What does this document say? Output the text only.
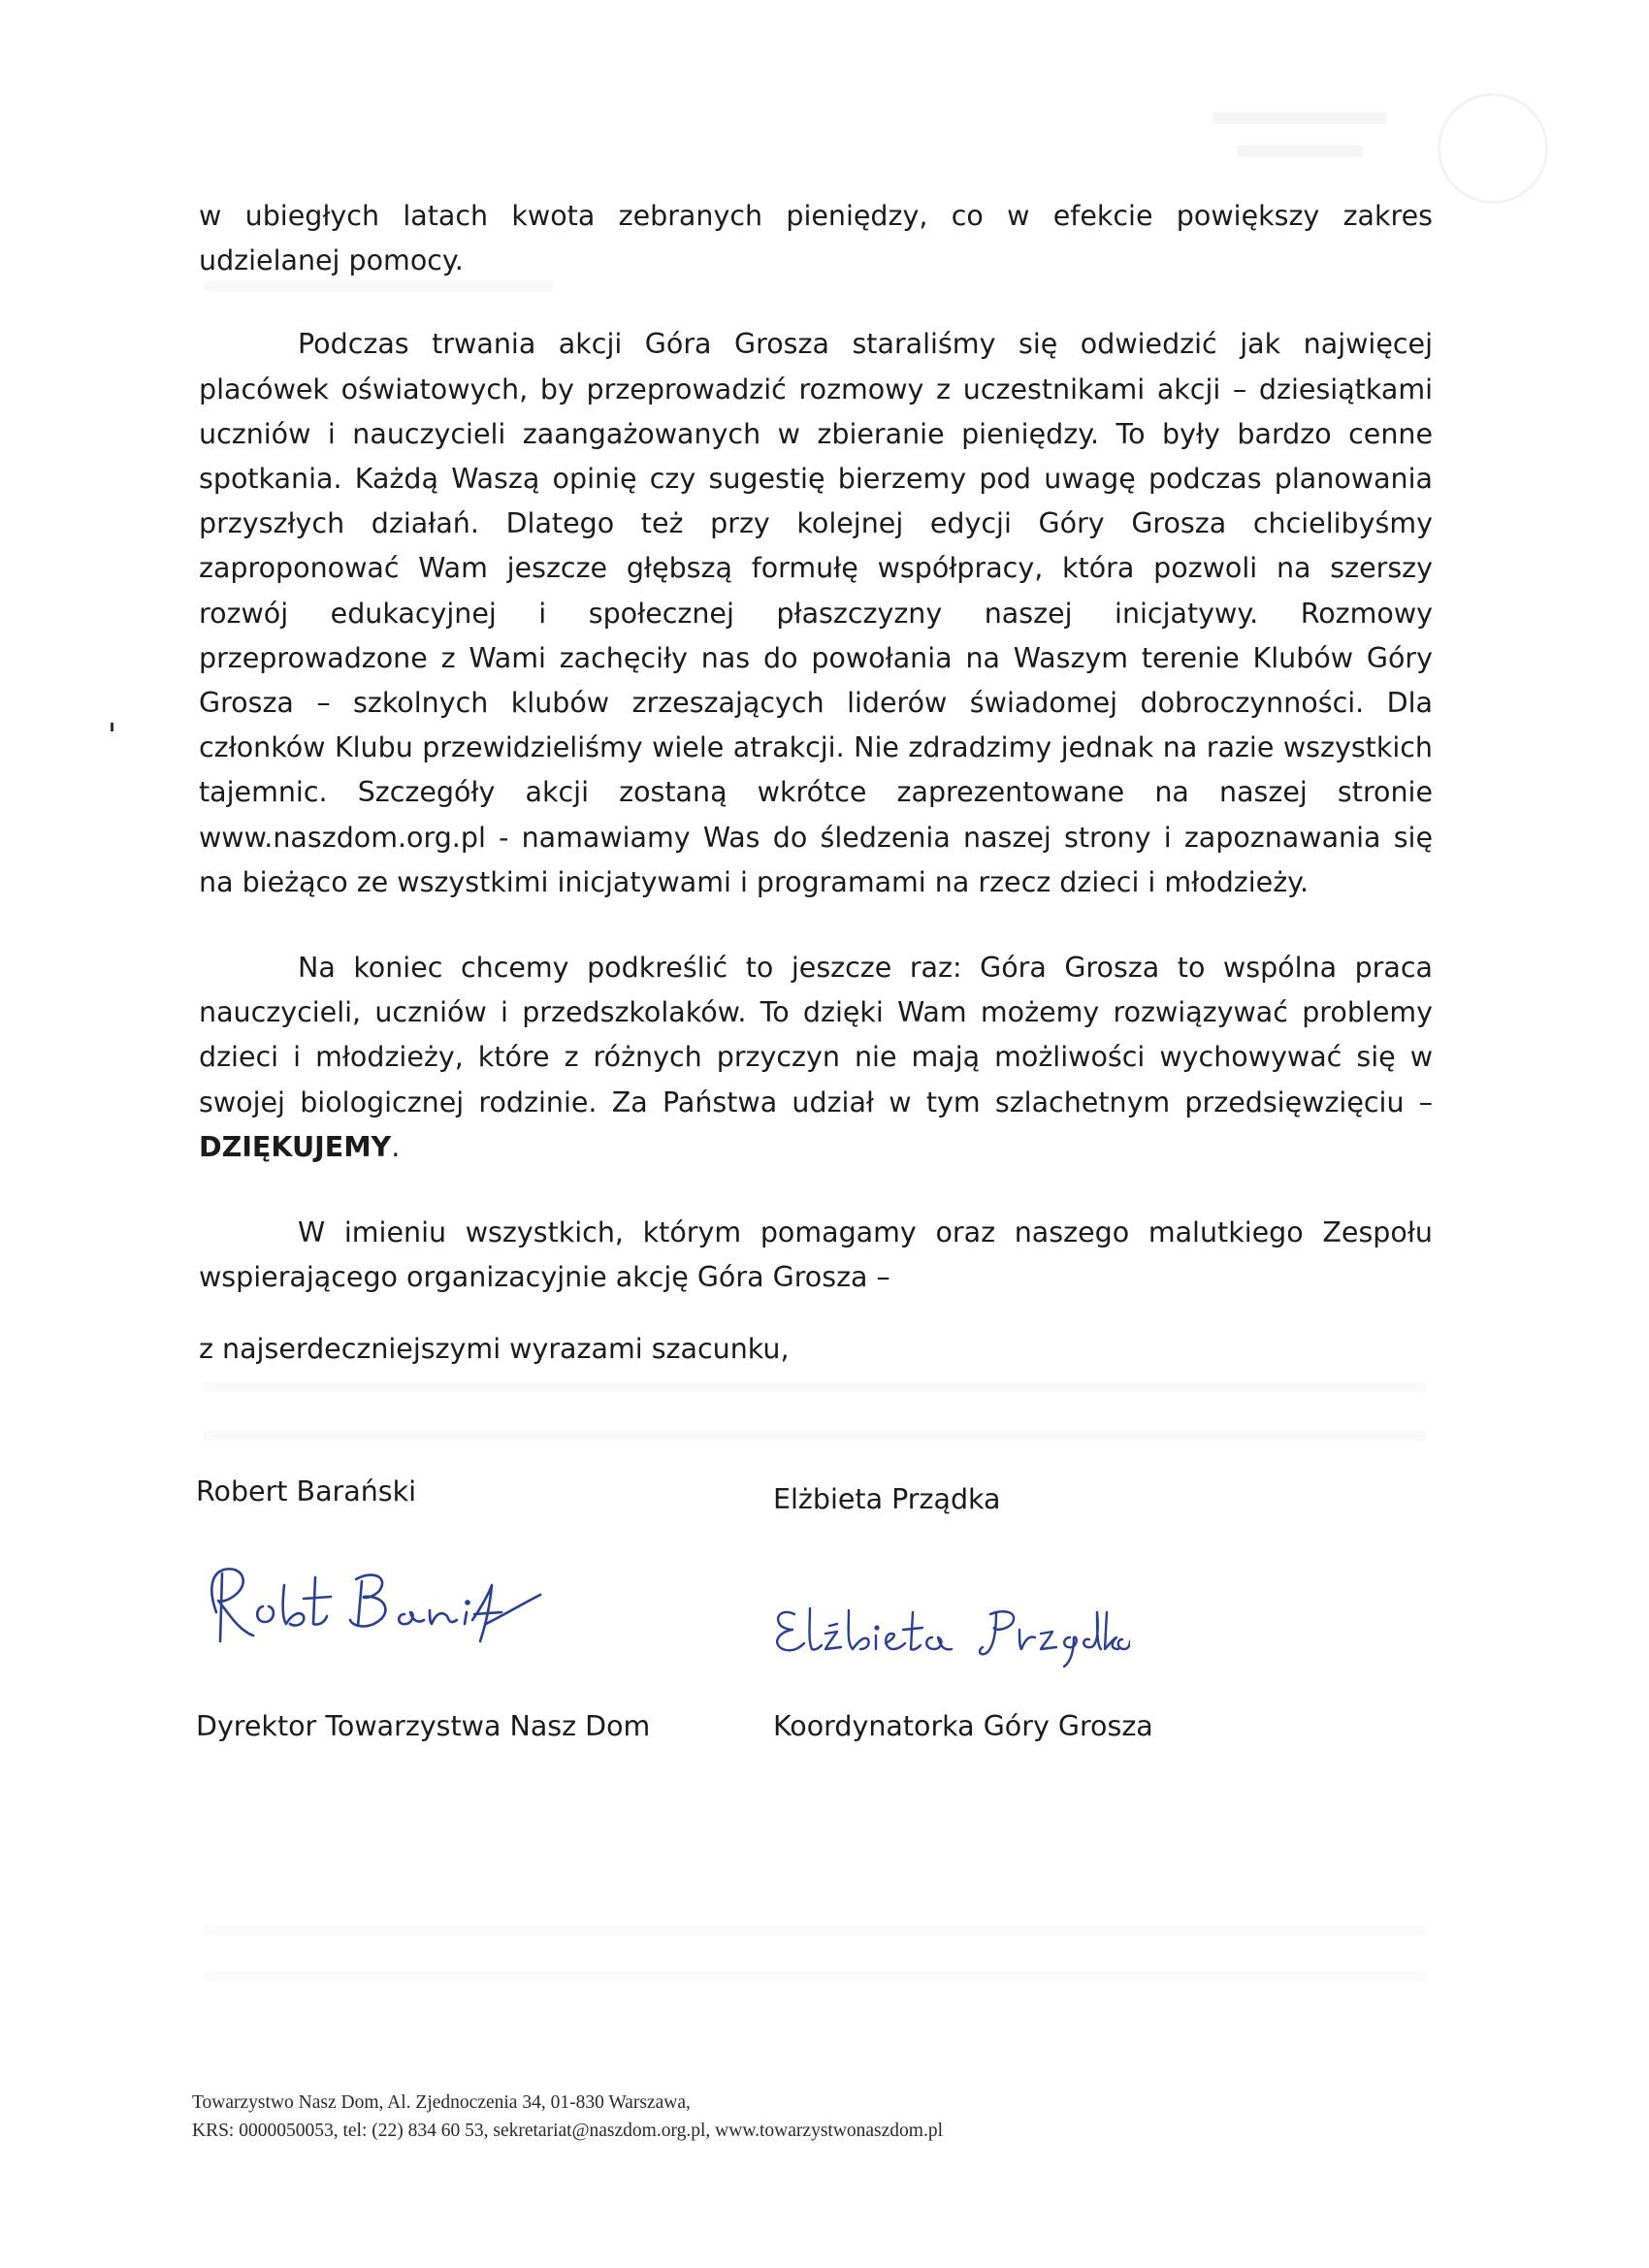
w ubiegłych latach kwota zebranych pieniędzy, co w efekcie powiększy zakres udzielanej pomocy.

Podczas trwania akcji Góra Grosza staraliśmy się odwiedzić jak najwięcej placówek oświatowych, by przeprowadzić rozmowy z uczestnikami akcji – dziesiątkami uczniów i nauczycieli zaangażowanych w zbieranie pieniędzy. To były bardzo cenne spotkania. Każdą Waszą opinię czy sugestię bierzemy pod uwagę podczas planowania przyszłych działań. Dlatego też przy kolejnej edycji Góry Grosza chcielibyśmy zaproponować Wam jeszcze głębszą formułę współpracy, która pozwoli na szerszy rozwój edukacyjnej i społecznej płaszczyzny naszej inicjatywy. Rozmowy przeprowadzone z Wami zachęciły nas do powołania na Waszym terenie Klubów Góry Grosza – szkolnych klubów zrzeszających liderów świadomej dobroczynności. Dla członków Klubu przewidzieliśmy wiele atrakcji. Nie zdradzimy jednak na razie wszystkich tajemnic. Szczegóły akcji zostaną wkrótce zaprezentowane na naszej stronie www.naszdom.org.pl - namawiamy Was do śledzenia naszej strony i zapoznawania się na bieżąco ze wszystkimi inicjatywami i programami na rzecz dzieci i młodzieży.

Na koniec chcemy podkreślić to jeszcze raz: Góra Grosza to wspólna praca nauczycieli, uczniów i przedszkolaków. To dzięki Wam możemy rozwiązywać problemy dzieci i młodzieży, które z różnych przyczyn nie mają możliwości wychowywać się w swojej biologicznej rodzinie. Za Państwa udział w tym szlachetnym przedsięwzięciu – DZIĘKUJEMY.

W imieniu wszystkich, którym pomagamy oraz naszego malutkiego Zespołu wspierającego organizacyjnie akcję Góra Grosza –

z najserdeczniejszymi wyrazami szacunku,
Robert Barański
Dyrektor Towarzystwa Nasz Dom
Elżbieta Prządka
Koordynatorka Góry Grosza
Towarzystwo Nasz Dom, Al. Zjednoczenia 34, 01-830 Warszawa,
KRS: 0000050053, tel: (22) 834 60 53, sekretariat@naszdom.org.pl, www.towarzystwonaszdom.pl
